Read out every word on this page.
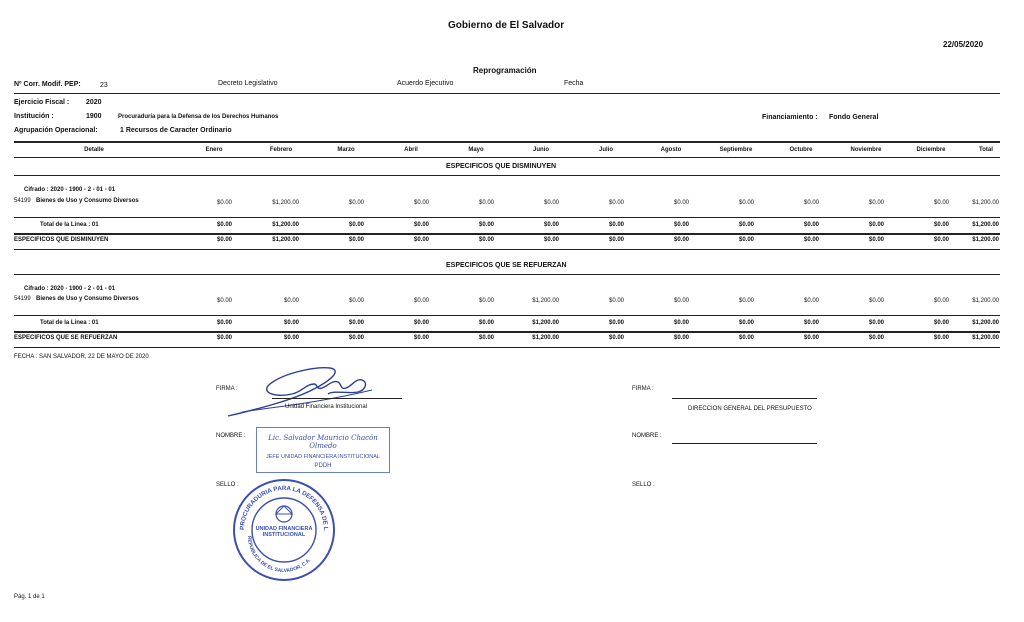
Gobierno de El Salvador
22/05/2020
Reprogramación
Nº Corr. Modif. PEP:	23	Decreto Legislativo	Acuerdo Ejecutivo	Fecha
Ejercicio Fiscal : 2020
Institución :	1900	Procuraduría para la Defensa de los Derechos Humanos	Financiamiento : Fondo General
Agrupación Operacional:	1 Recursos de Caracter Ordinario
Detalle	Enero	Febrero	Marzo	Abril	Mayo	Junio	Julio	Agosto	Septiembre	Octubre	Noviembre	Diciembre	Total
ESPECIFICOS QUE DISMINUYEN
Cifrado : 2020 - 1900 - 2 - 01 - 01
54199 Bienes de Uso y Consumo Diversos	$0.00	$1,200.00	$0.00	$0.00	$0.00	$0.00	$0.00	$0.00	$0.00	$0.00	$0.00	$0.00	$1,200.00
Total de la Linea : 01	$0.00	$1,200.00	$0.00	$0.00	$0.00	$0.00	$0.00	$0.00	$0.00	$0.00	$0.00	$0.00	$1,200.00
ESPECIFICOS QUE DISMINUYEN	$0.00	$1,200.00	$0.00	$0.00	$0.00	$0.00	$0.00	$0.00	$0.00	$0.00	$0.00	$0.00	$1,200.00
ESPECIFICOS QUE SE REFUERZAN
Cifrado : 2020 - 1900 - 2 - 01 - 01
54199 Bienes de Uso y Consumo Diversos	$0.00	$0.00	$0.00	$0.00	$0.00	$1,200.00	$0.00	$0.00	$0.00	$0.00	$0.00	$0.00	$1,200.00
Total de la Linea : 01	$0.00	$0.00	$0.00	$0.00	$0.00	$1,200.00	$0.00	$0.00	$0.00	$0.00	$0.00	$0.00	$1,200.00
ESPECIFICOS QUE SE REFUERZAN	$0.00	$0.00	$0.00	$0.00	$0.00	$1,200.00	$0.00	$0.00	$0.00	$0.00	$0.00	$0.00	$1,200.00
FECHA : SAN SALVADOR, 22 DE MAYO DE 2020
FIRMA :
Unidad Financiera Institucional
NOMBRE :	Lic. Salvador Mauricio Chacón Olmedo
JEFE UNIDAD FINANCIERA INSTITUCIONAL
PDDH
SELLO :
PROCURADURIA PARA LA DEFENSA DE L
REPUBLICA DE EL SALVADOR, C.A.
UNIDAD FINANCIERA INSTITUCIONAL
FIRMA :
DIRECCION GENERAL DEL PRESUPUESTO
NOMBRE :
SELLO :
Pág. 1 de 1
